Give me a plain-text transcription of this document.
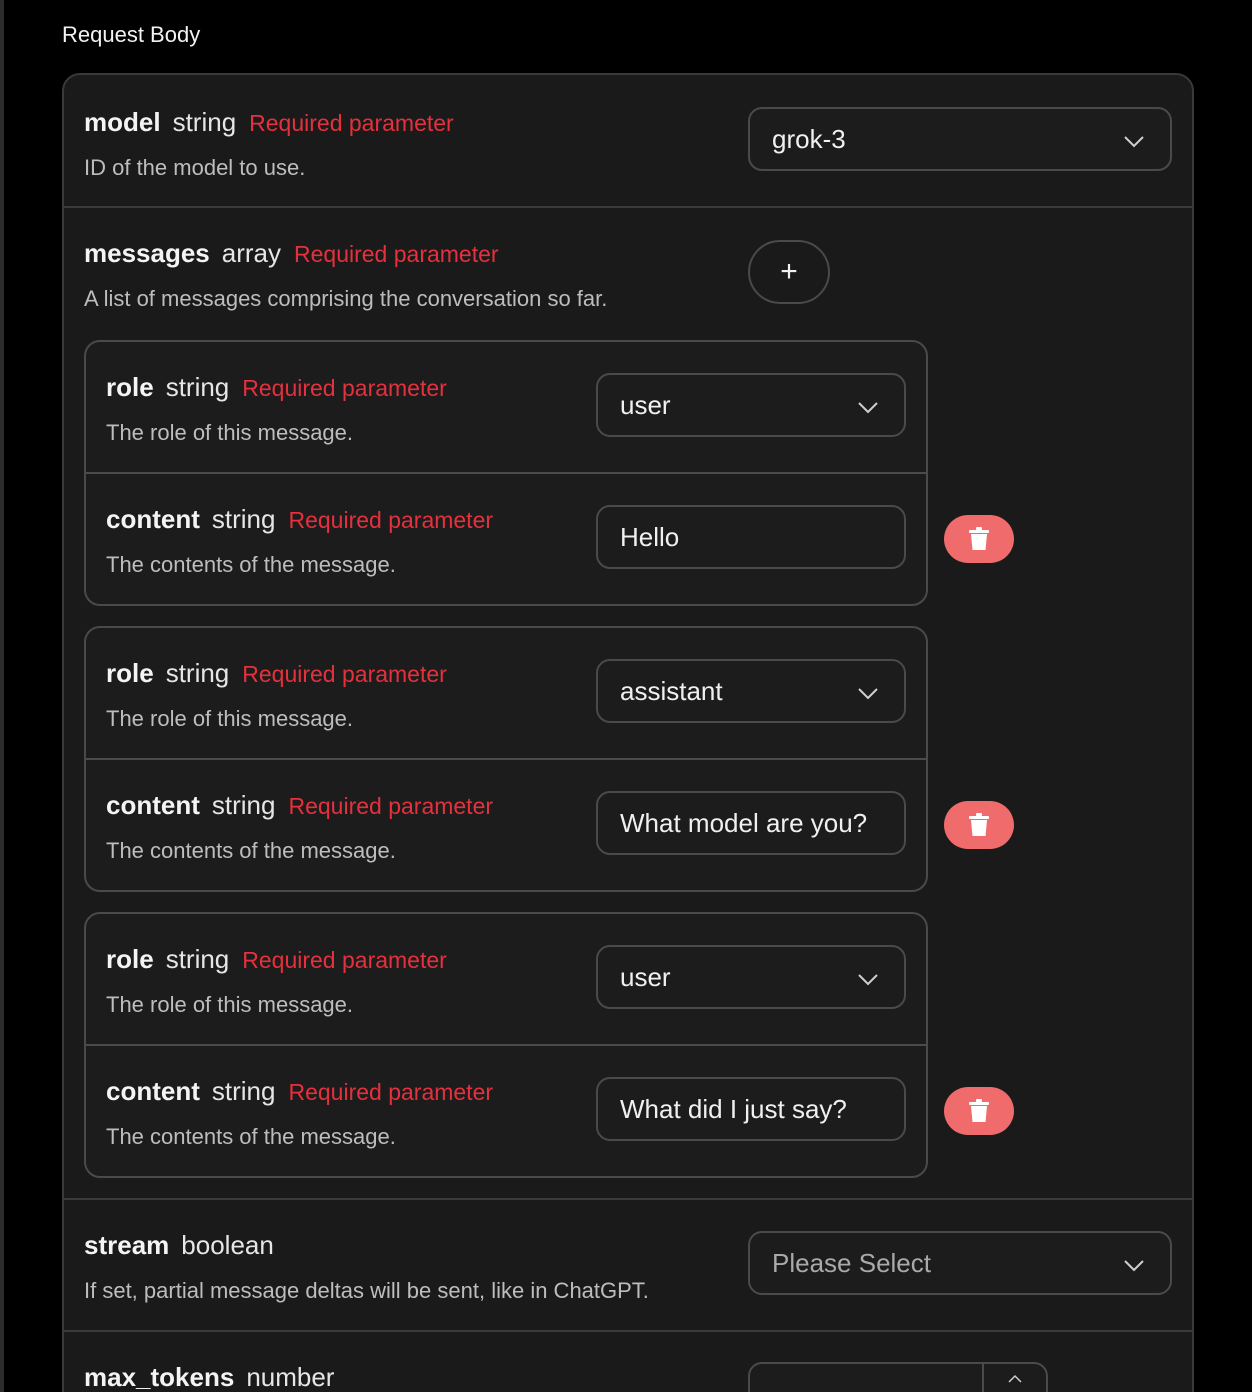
Request Body
model string Required parameter
ID of the model to use.
grok-3
messages array Required parameter
A list of messages comprising the conversation so far.
+
role string Required parameter
The role of this message.
user
content string Required parameter
The contents of the message.
Hello
role string Required parameter
The role of this message.
assistant
content string Required parameter
The contents of the message.
What model are you?
role string Required parameter
The role of this message.
user
content string Required parameter
The contents of the message.
What did I just say?
stream boolean
If set, partial message deltas will be sent, like in ChatGPT.
Please Select
max_tokens number
